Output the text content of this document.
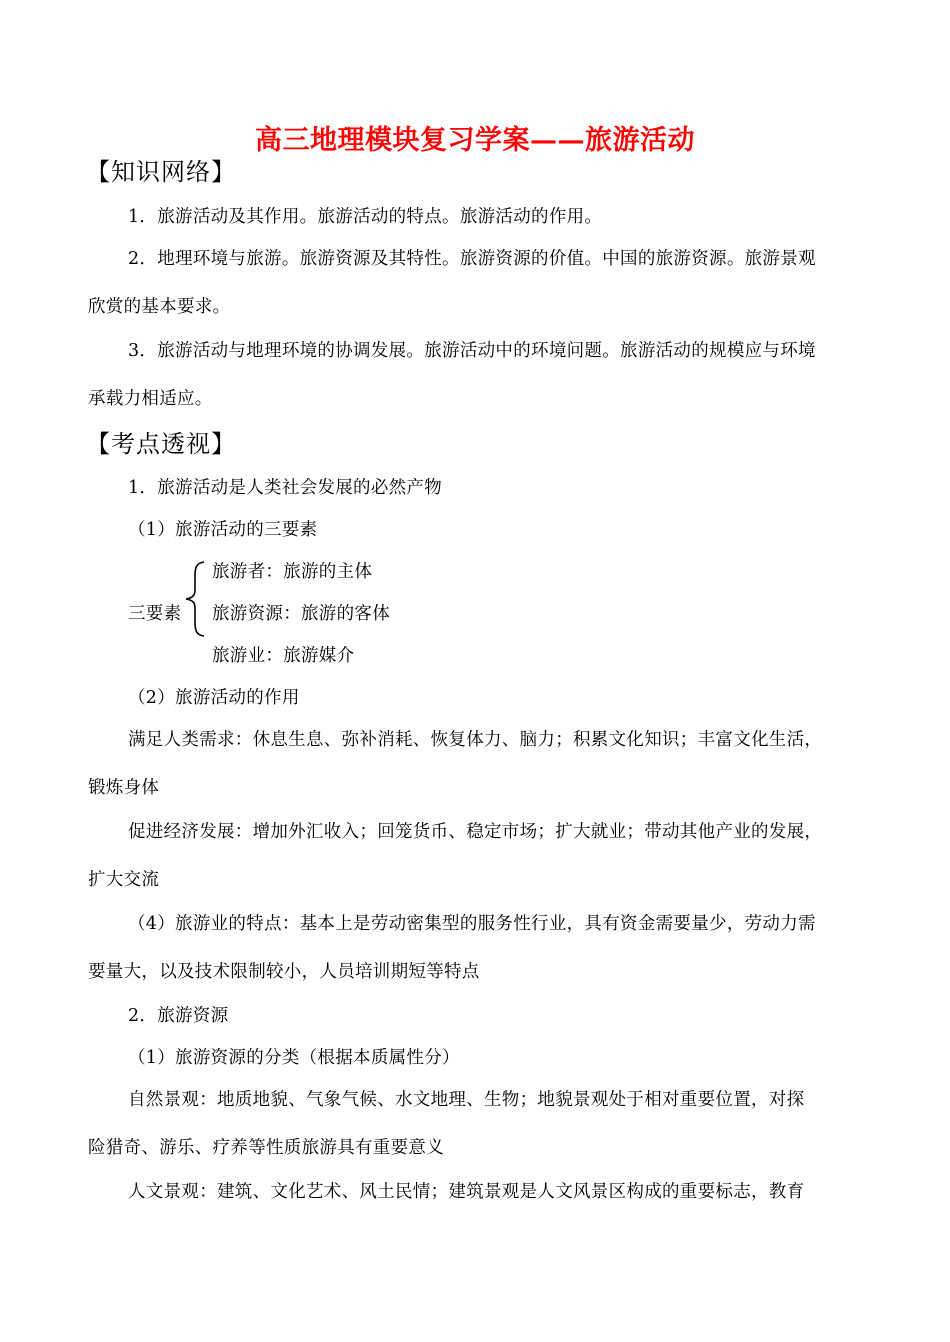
高三地理模块复习学案——旅游活动
【知识网络】
1．旅游活动及其作用。旅游活动的特点。旅游活动的作用。
2．地理环境与旅游。旅游资源及其特性。旅游资源的价值。中国的旅游资源。旅游景观
欣赏的基本要求。
3．旅游活动与地理环境的协调发展。旅游活动中的环境问题。旅游活动的规模应与环境
承载力相适应。
【考点透视】
1．旅游活动是人类社会发展的必然产物
（1）旅游活动的三要素
旅游者：旅游的主体
三要素 旅游资源：旅游的客体
旅游业：旅游媒介
（2）旅游活动的作用
满足人类需求：休息生息、弥补消耗、恢复体力、脑力；积累文化知识；丰富文化生活，
锻炼身体
促进经济发展：增加外汇收入；回笼货币、稳定市场；扩大就业；带动其他产业的发展，
扩大交流
（4）旅游业的特点：基本上是劳动密集型的服务性行业，具有资金需要量少，劳动力需
要量大，以及技术限制较小，人员培训期短等特点
2．旅游资源
（1）旅游资源的分类（根据本质属性分）
自然景观：地质地貌、气象气候、水文地理、生物；地貌景观处于相对重要位置，对探
险猎奇、游乐、疗养等性质旅游具有重要意义
人文景观：建筑、文化艺术、风土民情；建筑景观是人文风景区构成的重要标志，教育
